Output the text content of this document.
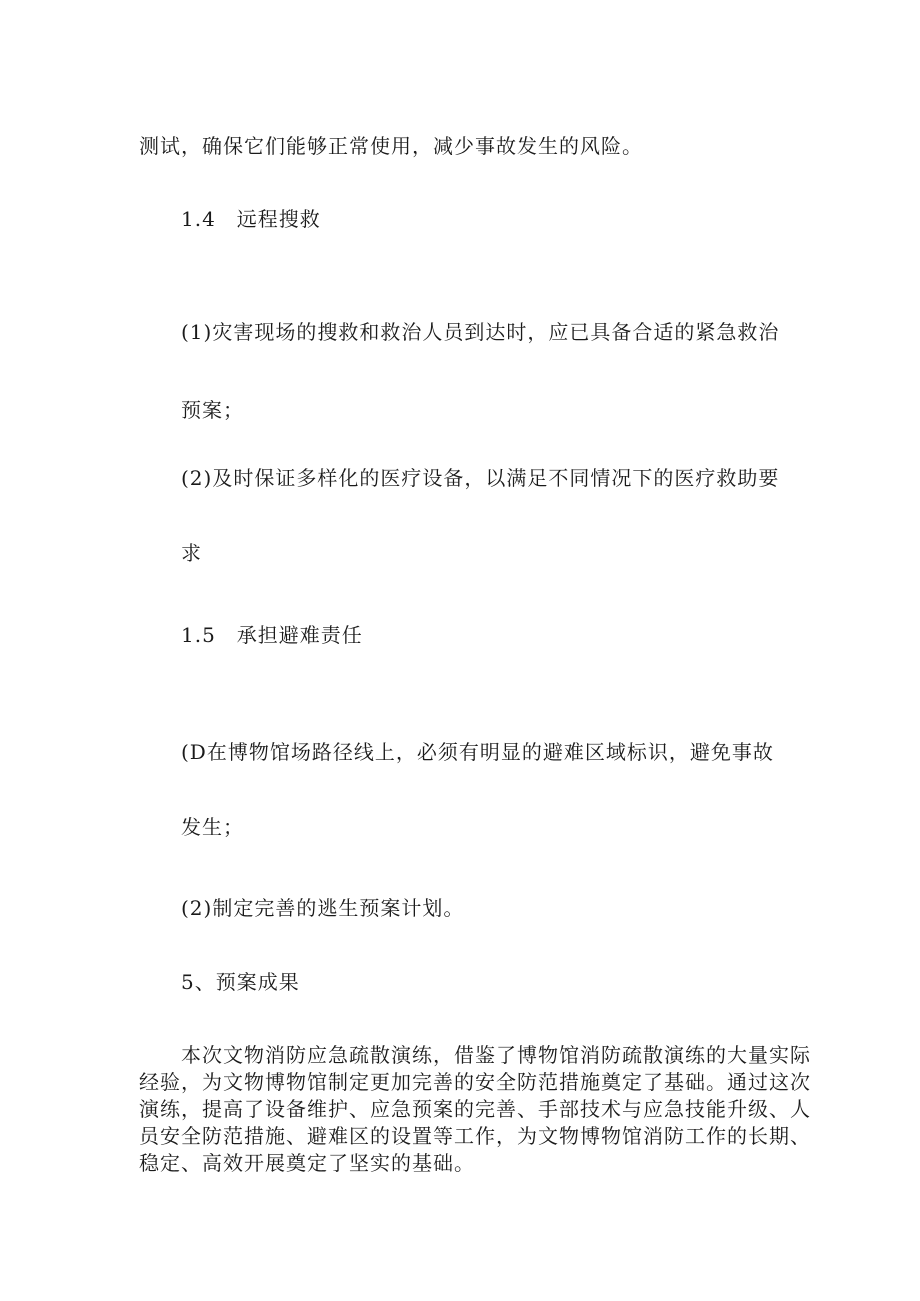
测试，确保它们能够正常使用，减少事故发生的风险。
1.4　远程搜救
(1)灾害现场的搜救和救治人员到达时，应已具备合适的紧急救治
预案；
(2)及时保证多样化的医疗设备，以满足不同情况下的医疗救助要
求
1.5　承担避难责任
(D在博物馆场路径线上，必须有明显的避难区域标识，避免事故
发生；
(2)制定完善的逃生预案计划。
5、预案成果
　　本次文物消防应急疏散演练，借鉴了博物馆消防疏散演练的大量实际
经验，为文物博物馆制定更加完善的安全防范措施奠定了基础。通过这次
演练，提高了设备维护、应急预案的完善、手部技术与应急技能升级、人
员安全防范措施、避难区的设置等工作，为文物博物馆消防工作的长期、
稳定、高效开展奠定了坚实的基础。
